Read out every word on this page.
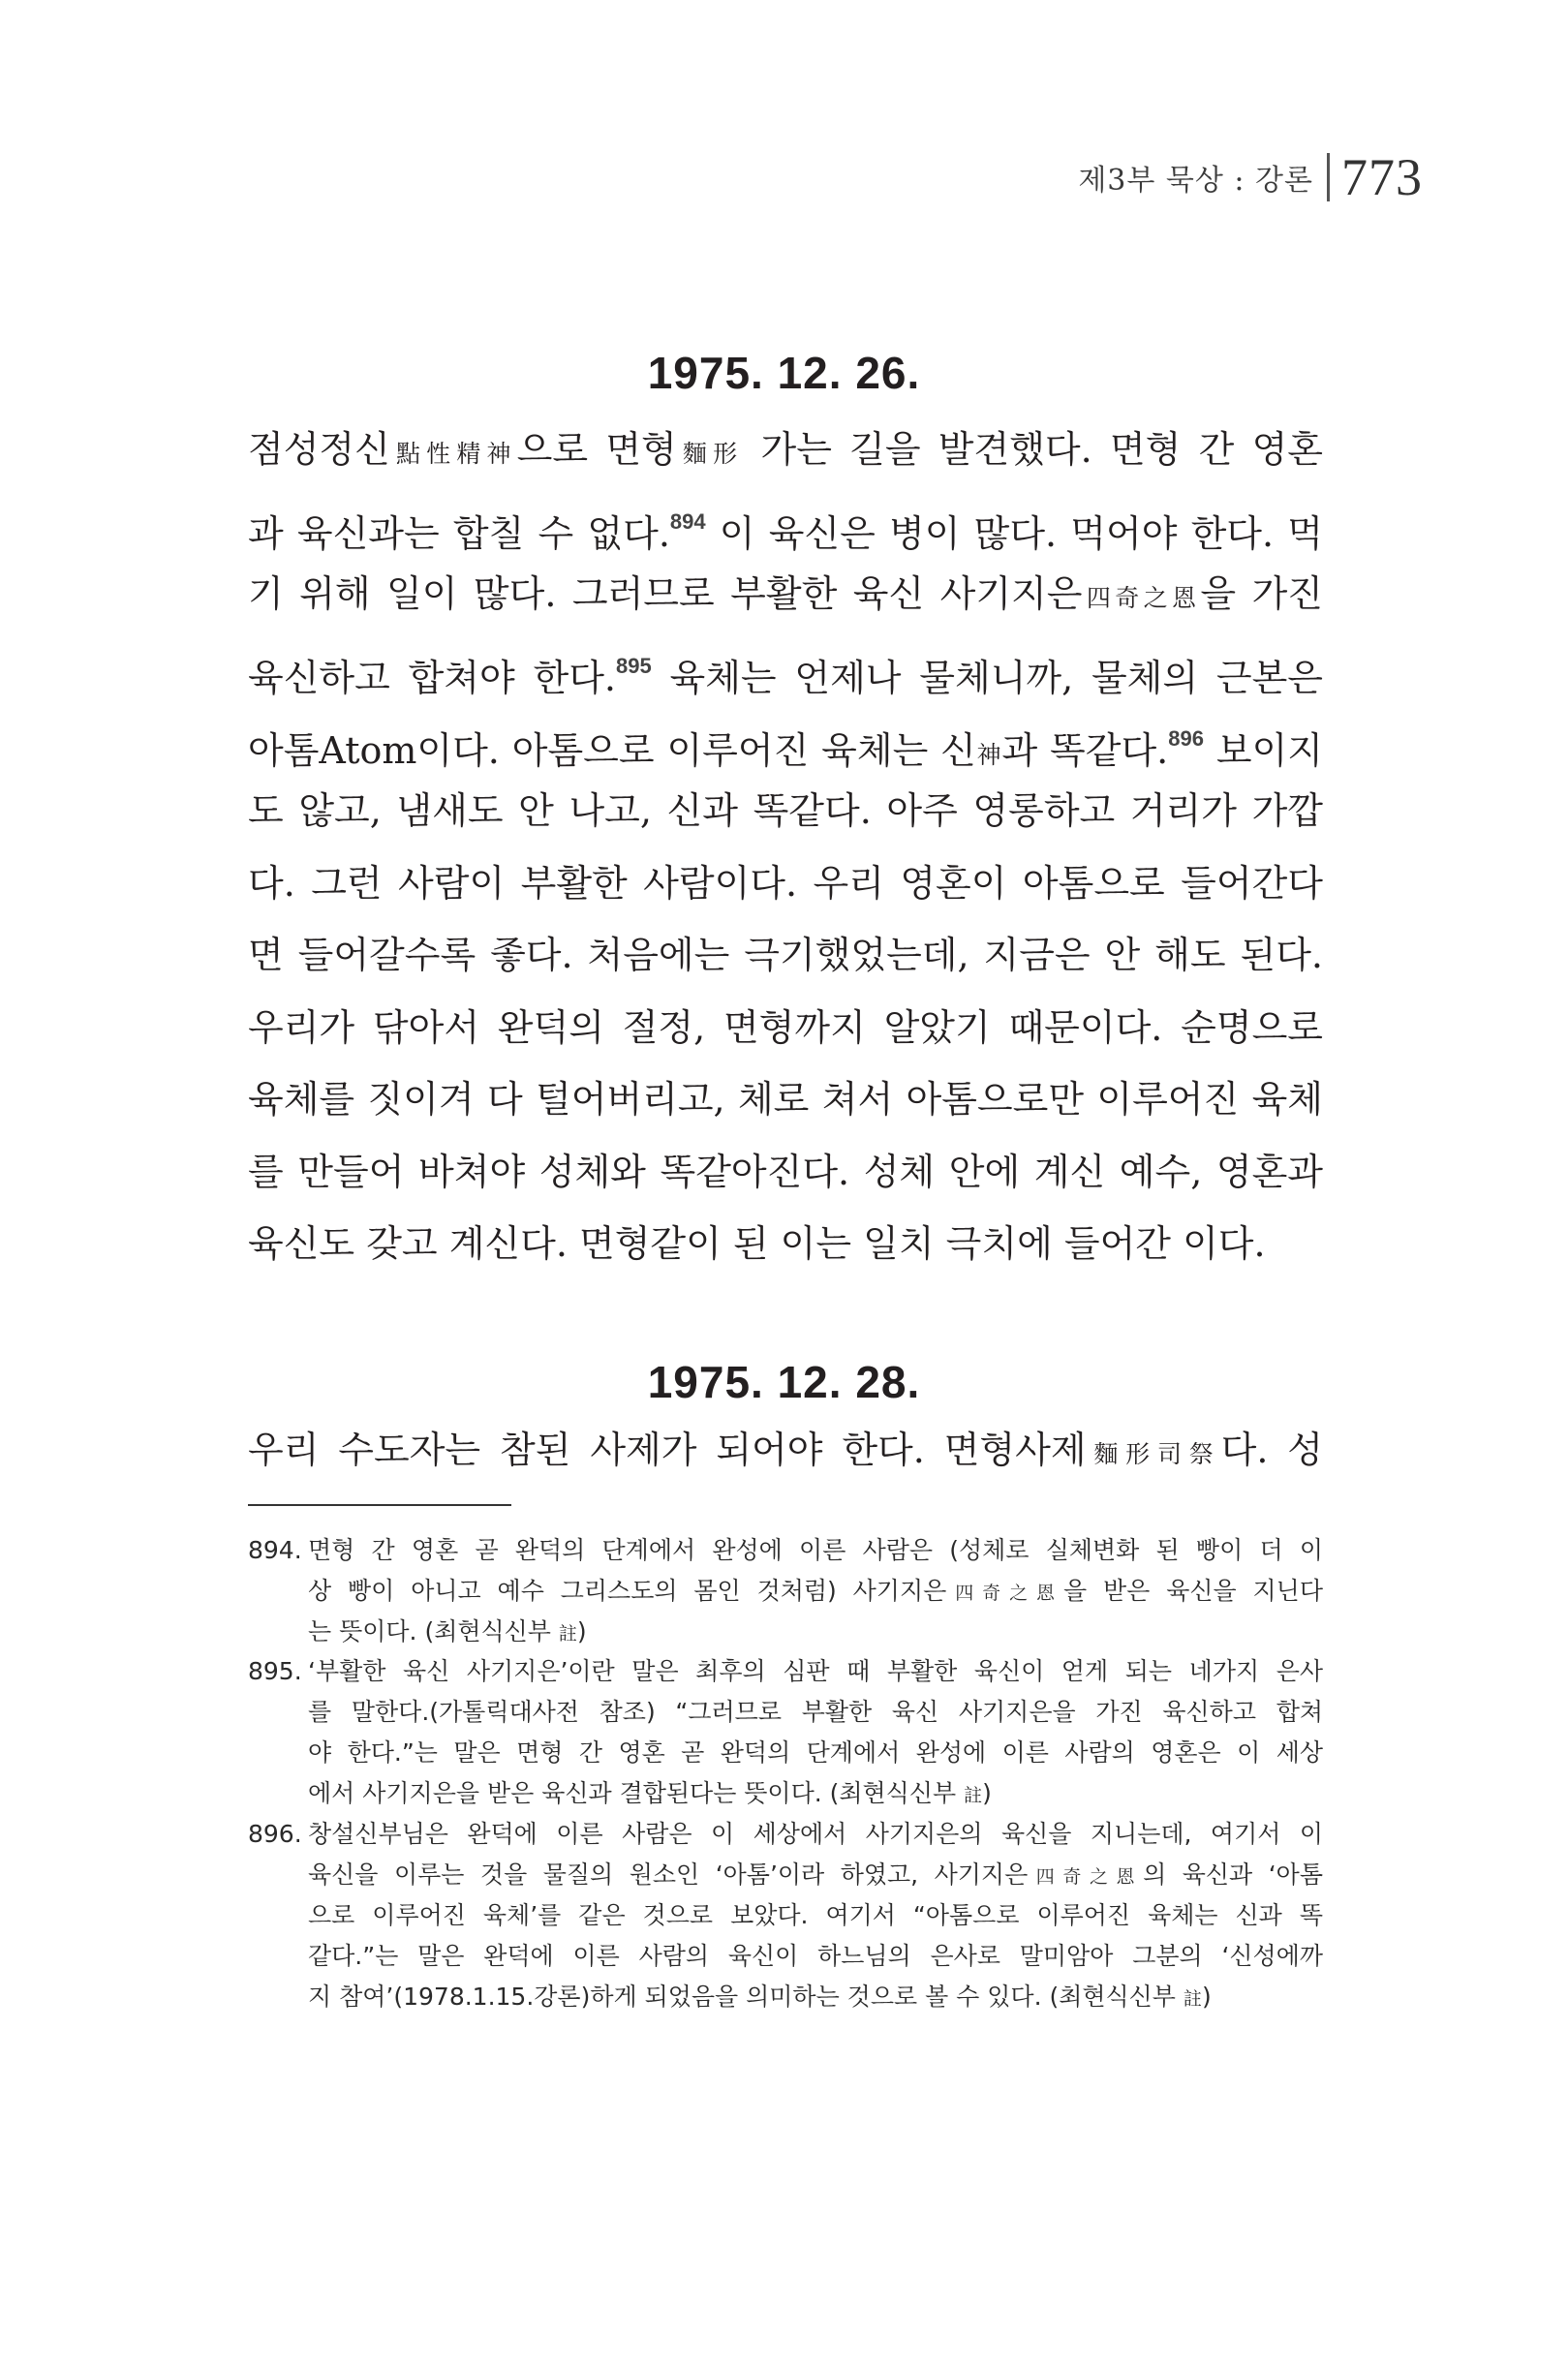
제3부 묵상 : 강론 773
1975. 12. 26.
1975. 12. 28.
점성정신點性精神으로 면형麵形 가는 길을 발견했다. 면형 간 영혼
과 육신과는 합칠 수 없다.$^{894}$ 이 육신은 병이 많다. 먹어야 한다. 먹
기 위해 일이 많다. 그러므로 부활한 육신 사기지은四奇之恩을 가진
육신하고 합쳐야 한다.$^{895}$ 육체는 언제나 물체니까, 물체의 근본은
아톰Atom이다. 아톰으로 이루어진 육체는 신神과 똑같다.$^{896}$ 보이지
도 않고, 냄새도 안 나고, 신과 똑같다. 아주 영롱하고 거리가 가깝
다. 그런 사람이 부활한 사람이다. 우리 영혼이 아톰으로 들어간다
면 들어갈수록 좋다. 처음에는 극기했었는데, 지금은 안 해도 된다.
우리가 닦아서 완덕의 절정, 면형까지 알았기 때문이다. 순명으로
육체를 짓이겨 다 털어버리고, 체로 쳐서 아톰으로만 이루어진 육체
를 만들어 바쳐야 성체와 똑같아진다. 성체 안에 계신 예수, 영혼과
육신도 갖고 계신다. 면형같이 된 이는 일치 극치에 들어간 이다.
우리 수도자는 참된 사제가 되어야 한다. 면형사제麵形司祭다. 성
894. 면형 간 영혼 곧 완덕의 단계에서 완성에 이른 사람은 (성체로 실체변화 된 빵이 더 이
상 빵이 아니고 예수 그리스도의 몸인 것처럼) 사기지은四奇之恩을 받은 육신을 지닌다
는 뜻이다. (최현식신부 註)
895. ‘부활한 육신 사기지은’이란 말은 최후의 심판 때 부활한 육신이 얻게 되는 네가지 은사
를 말한다.(가톨릭대사전 참조) “그러므로 부활한 육신 사기지은을 가진 육신하고 합쳐
야 한다.”는 말은 면형 간 영혼 곧 완덕의 단계에서 완성에 이른 사람의 영혼은 이 세상
에서 사기지은을 받은 육신과 결합된다는 뜻이다. (최현식신부 註)
896. 창설신부님은 완덕에 이른 사람은 이 세상에서 사기지은의 육신을 지니는데, 여기서 이
육신을 이루는 것을 물질의 원소인 ‘아톰’이라 하였고, 사기지은四奇之恩의 육신과 ‘아톰
으로 이루어진 육체’를 같은 것으로 보았다. 여기서 “아톰으로 이루어진 육체는 신과 똑
같다.”는 말은 완덕에 이른 사람의 육신이 하느님의 은사로 말미암아 그분의 ‘신성에까
지 참여’(1978.1.15.강론)하게 되었음을 의미하는 것으로 볼 수 있다. (최현식신부 註)
